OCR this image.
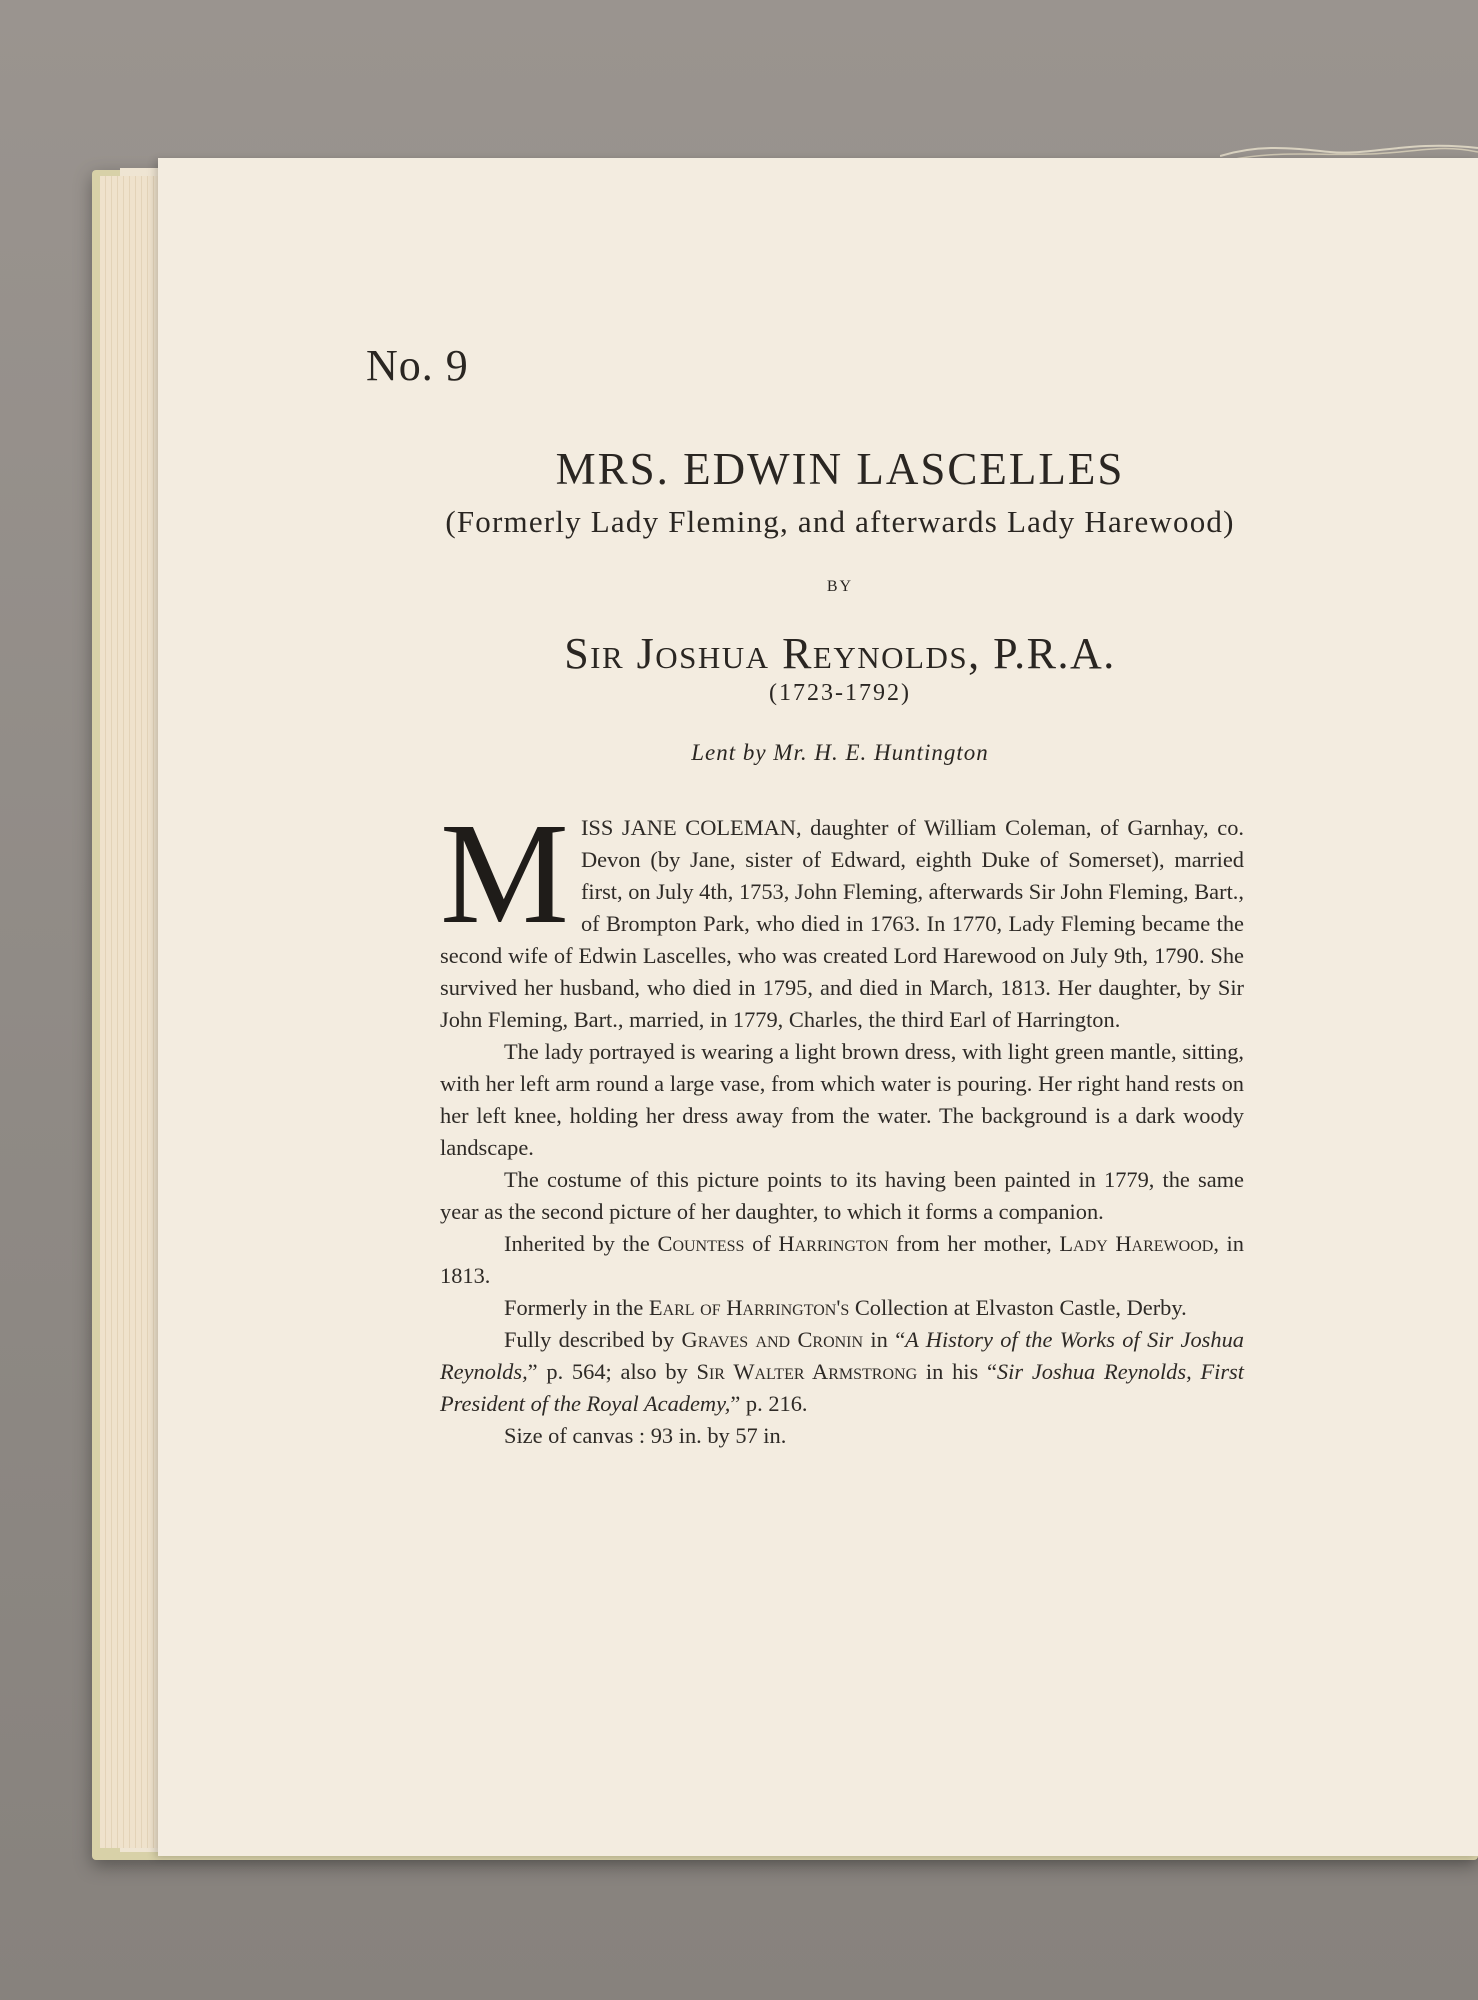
No. 9
MRS. EDWIN LASCELLES
(Formerly Lady Fleming, and afterwards Lady Harewood)
BY
Sir Joshua Reynolds, P.R.A.
(1723-1792)
Lent by Mr. H. E. Huntington

MISS JANE COLEMAN, daughter of William Coleman, of Garnhay, co. Devon (by Jane, sister of Edward, eighth Duke of Somerset), married first, on July 4th, 1753, John Fleming, afterwards Sir John Fleming, Bart., of Brompton Park, who died in 1763. In 1770, Lady Fleming became the second wife of Edwin Lascelles, who was created Lord Harewood on July 9th, 1790. She survived her husband, who died in 1795, and died in March, 1813. Her daughter, by Sir John Fleming, Bart., married, in 1779, Charles, the third Earl of Harrington.

The lady portrayed is wearing a light brown dress, with light green mantle, sitting, with her left arm round a large vase, from which water is pouring. Her right hand rests on her left knee, holding her dress away from the water. The background is a dark woody landscape.

The costume of this picture points to its having been painted in 1779, the same year as the second picture of her daughter, to which it forms a companion.

Inherited by the Countess of Harrington from her mother, Lady Harewood, in 1813.

Formerly in the Earl of Harrington's Collection at Elvaston Castle, Derby.

Fully described by Graves and Cronin in “A History of the Works of Sir Joshua Reynolds,” p. 564; also by Sir Walter Armstrong in his “Sir Joshua Reynolds, First President of the Royal Academy,” p. 216.

Size of canvas : 93 in. by 57 in.
